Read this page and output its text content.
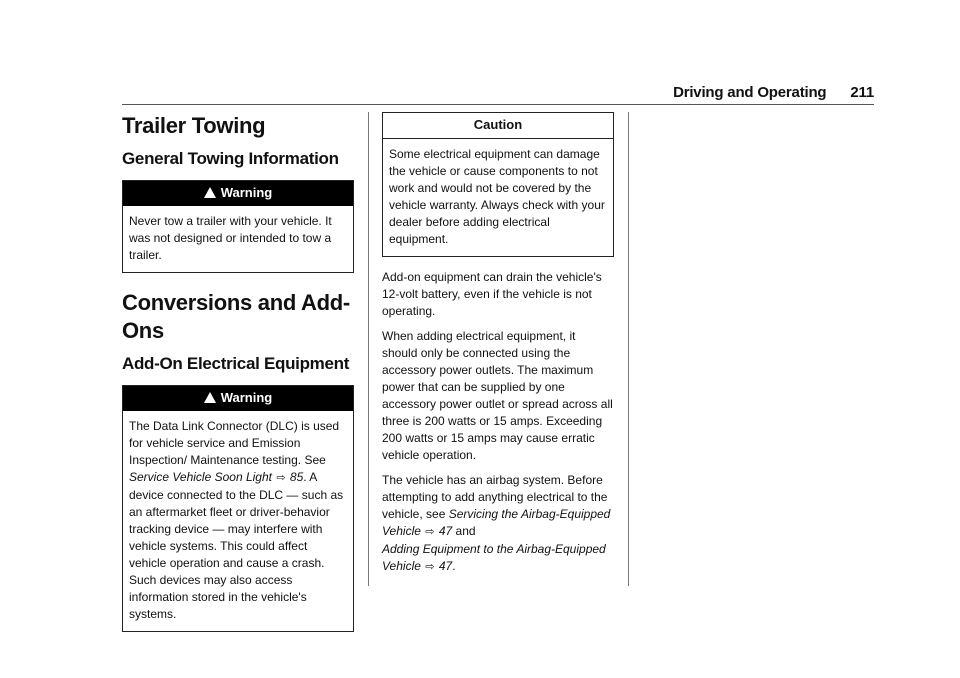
Driving and Operating 211
Trailer Towing
General Towing Information
Warning
Never tow a trailer with your vehicle. It was not designed or intended to tow a trailer.
Conversions and Add-Ons
Add-On Electrical Equipment
Warning
The Data Link Connector (DLC) is used for vehicle service and Emission Inspection/ Maintenance testing. See Service Vehicle Soon Light ⇨ 85. A device connected to the DLC — such as an aftermarket fleet or driver-behavior tracking device — may interfere with vehicle systems. This could affect vehicle operation and cause a crash. Such devices may also access information stored in the vehicle's systems.
Caution
Some electrical equipment can damage the vehicle or cause components to not work and would not be covered by the vehicle warranty. Always check with your dealer before adding electrical equipment.

Add-on equipment can drain the vehicle's 12-volt battery, even if the vehicle is not operating.

When adding electrical equipment, it should only be connected using the accessory power outlets. The maximum power that can be supplied by one accessory power outlet or spread across all three is 200 watts or 15 amps. Exceeding 200 watts or 15 amps may cause erratic vehicle operation.

The vehicle has an airbag system. Before attempting to add anything electrical to the vehicle, see Servicing the Airbag-Equipped Vehicle ⇨ 47 and
Adding Equipment to the Airbag-Equipped Vehicle ⇨ 47.
